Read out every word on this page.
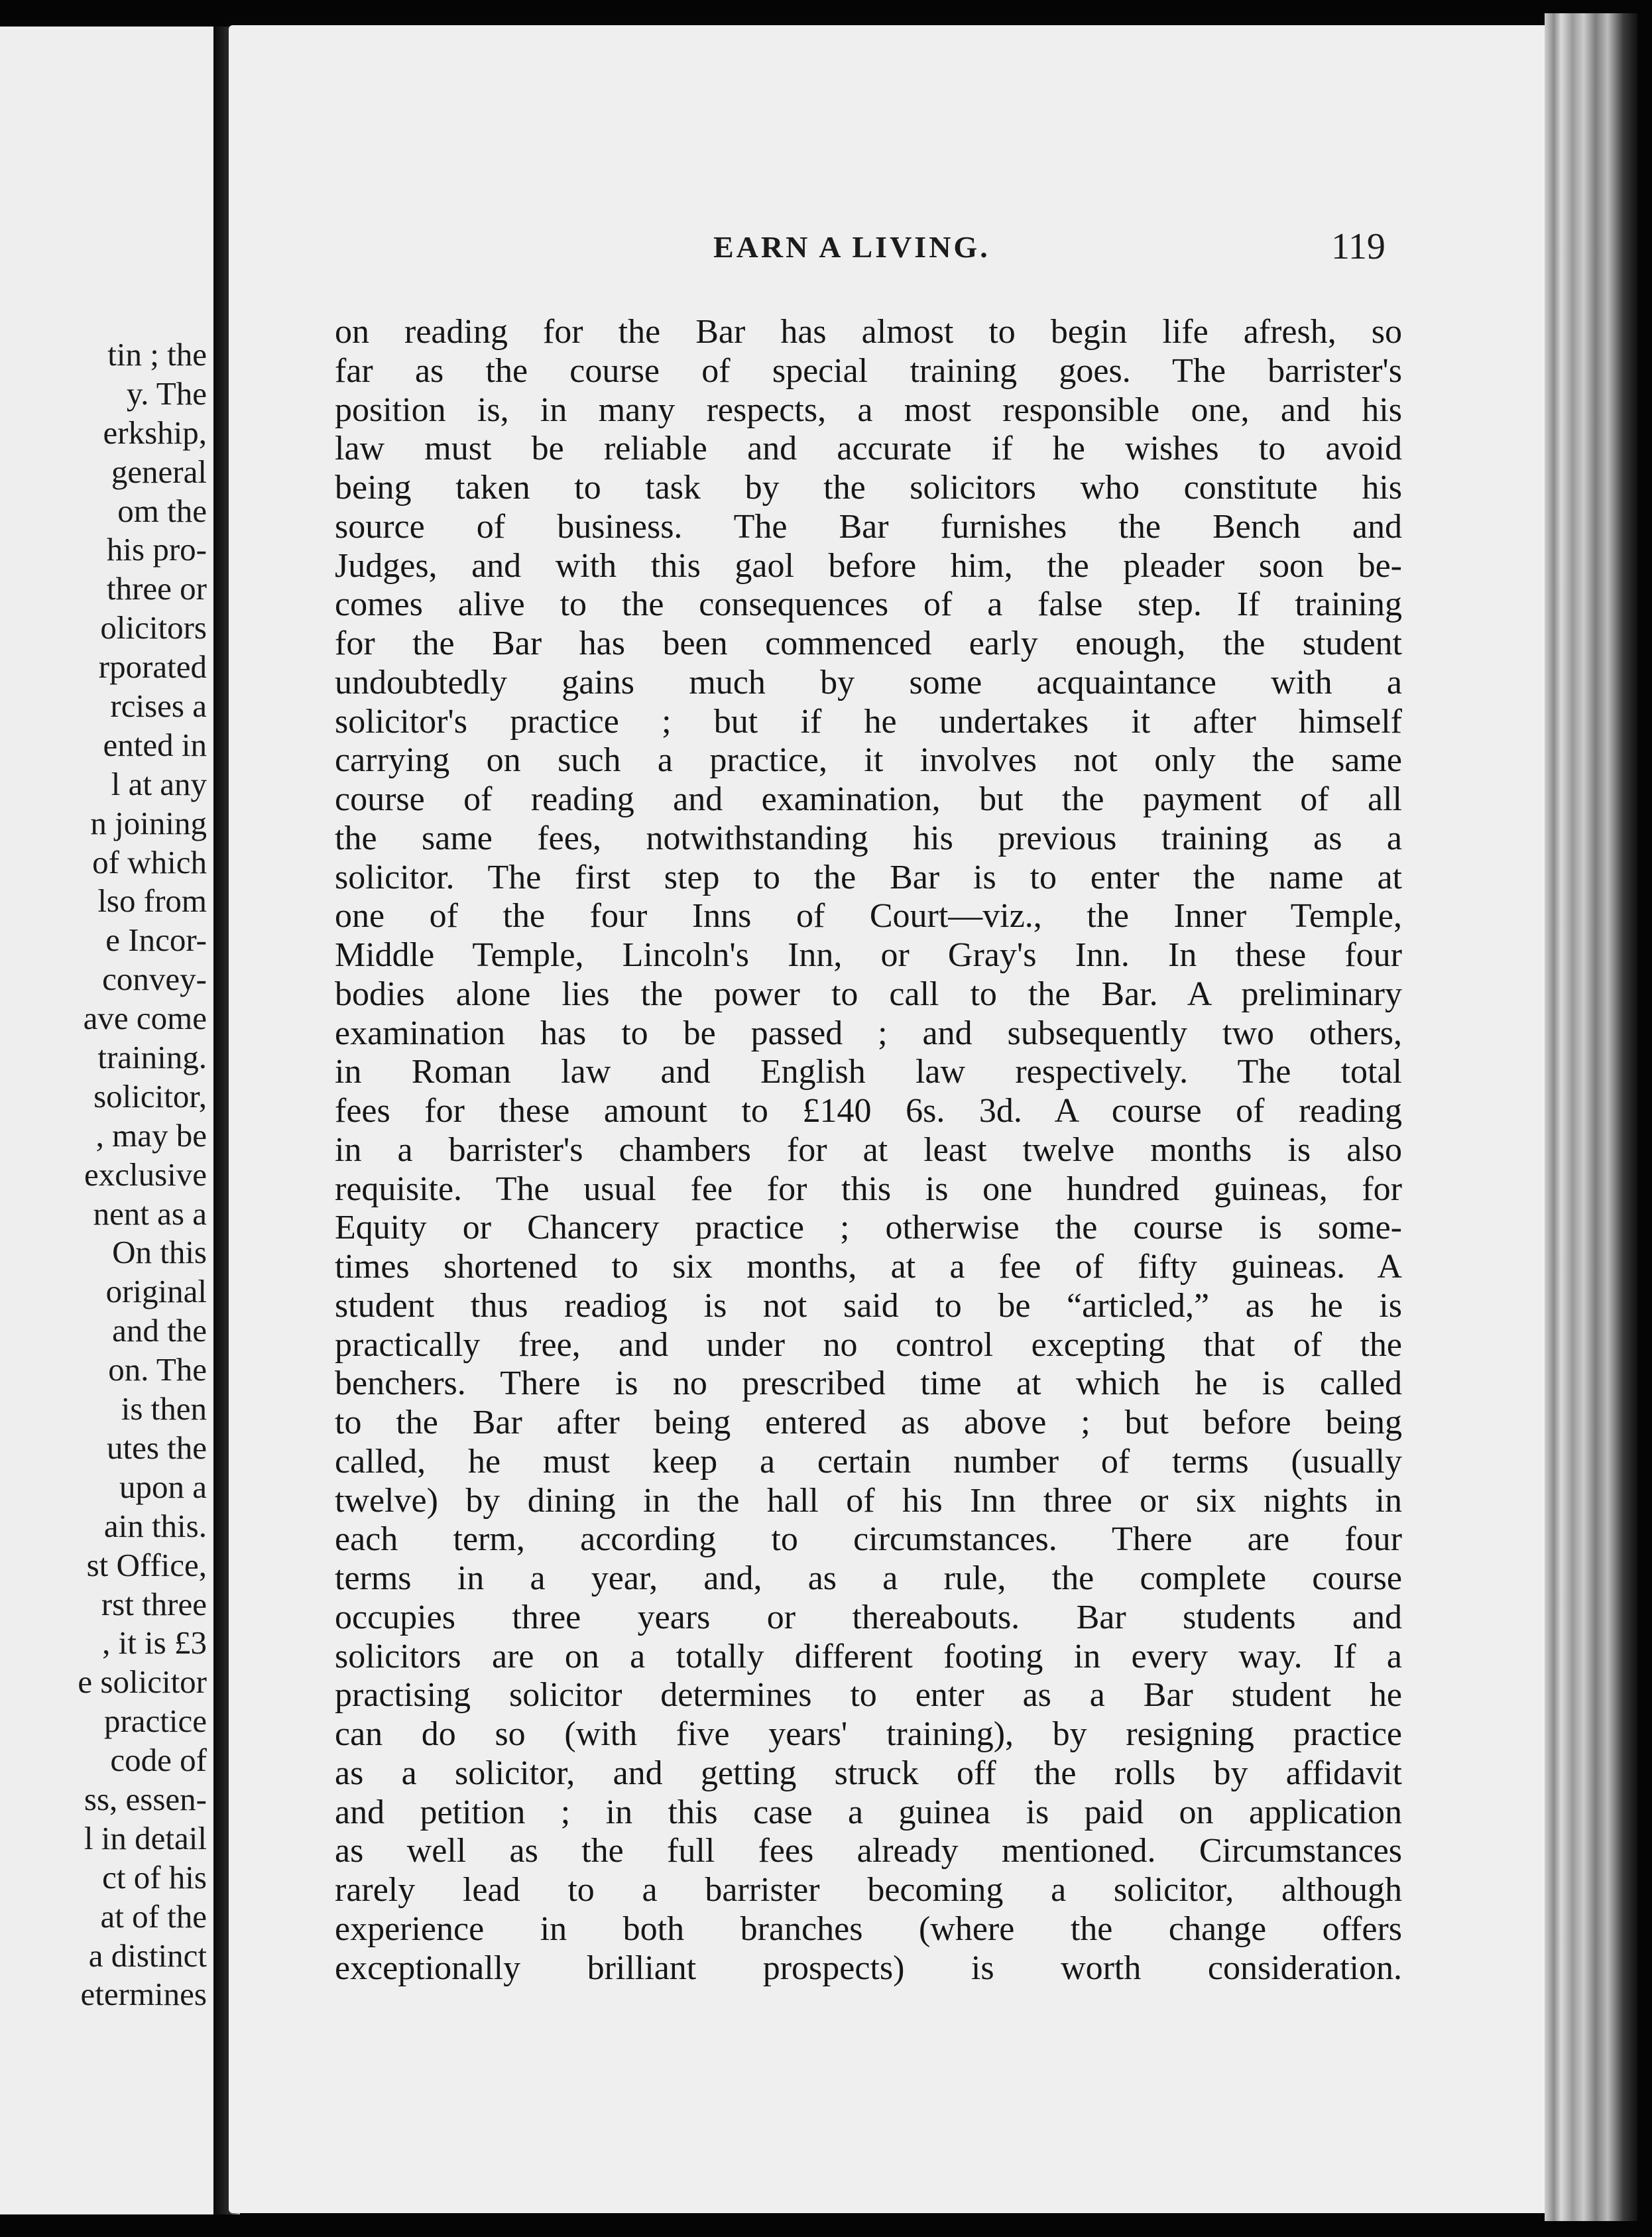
tin ; the
y. The
erkship,
general
om the
his pro-
three or
olicitors
rporated
rcises a
ented in
l at any
n joining
of which
lso from
e Incor-
convey-
ave come
training.
solicitor,
, may be
exclusive
nent as a
On this
original
and the
on. The
is then
utes the
upon a
ain this.
st Office,
rst three
, it is £3
e solicitor
practice
code of
ss, essen-
l in detail
ct of his
at of the
a distinct
etermines
EARN A LIVING.	119
on reading for the Bar has almost to begin life afresh, so
far as the course of special training goes. The barrister's
position is, in many respects, a most responsible one, and his
law must be reliable and accurate if he wishes to avoid
being taken to task by the solicitors who constitute his
source of business. The Bar furnishes the Bench and
Judges, and with this gaol before him, the pleader soon be-
comes alive to the consequences of a false step. If training
for the Bar has been commenced early enough, the student
undoubtedly gains much by some acquaintance with a
solicitor's practice ; but if he undertakes it after himself
carrying on such a practice, it involves not only the same
course of reading and examination, but the payment of all
the same fees, notwithstanding his previous training as a
solicitor. The first step to the Bar is to enter the name at
one of the four Inns of Court—viz., the Inner Temple,
Middle Temple, Lincoln's Inn, or Gray's Inn. In these four
bodies alone lies the power to call to the Bar. A preliminary
examination has to be passed ; and subsequently two others,
in Roman law and English law respectively. The total
fees for these amount to £140 6s. 3d. A course of reading
in a barrister's chambers for at least twelve months is also
requisite. The usual fee for this is one hundred guineas, for
Equity or Chancery practice ; otherwise the course is some-
times shortened to six months, at a fee of fifty guineas. A
student thus readiog is not said to be “articled,” as he is
practically free, and under no control excepting that of the
benchers. There is no prescribed time at which he is called
to the Bar after being entered as above ; but before being
called, he must keep a certain number of terms (usually
twelve) by dining in the hall of his Inn three or six nights in
each term, according to circumstances. There are four
terms in a year, and, as a rule, the complete course
occupies three years or thereabouts. Bar students and
solicitors are on a totally different footing in every way. If a
practising solicitor determines to enter as a Bar student he
can do so (with five years' training), by resigning practice
as a solicitor, and getting struck off the rolls by affidavit
and petition ; in this case a guinea is paid on application
as well as the full fees already mentioned. Circumstances
rarely lead to a barrister becoming a solicitor, although
experience in both branches (where the change offers
exceptionally brilliant prospects) is worth consideration.
